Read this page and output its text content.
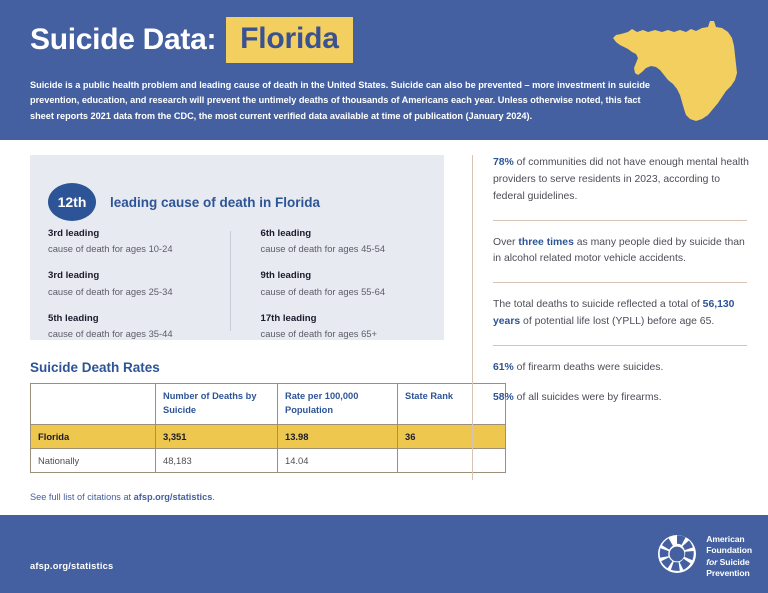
Suicide Data: Florida
Suicide is a public health problem and leading cause of death in the United States. Suicide can also be prevented – more investment in suicide prevention, education, and research will prevent the untimely deaths of thousands of Americans each year. Unless otherwise noted, this fact sheet reports 2021 data from the CDC, the most current verified data available at time of publication (January 2024).
12th	leading cause of death in Florida
3rd leading
cause of death for ages 10-24
3rd leading
cause of death for ages 25-34
5th leading
cause of death for ages 35-44
6th leading
cause of death for ages 45-54
9th leading
cause of death for ages 55-64
17th leading
cause of death for ages 65+
Suicide Death Rates
	Number of Deaths by Suicide	Rate per 100,000 Population	State Rank
Florida	3,351	13.98	36
Nationally	48,183	14.04	
See full list of citations at afsp.org/statistics.
78% of communities did not have enough mental health providers to serve residents in 2023, according to federal guidelines.
Over three times as many people died by suicide than in alcohol related motor vehicle accidents.
The total deaths to suicide reflected a total of 56,130 years of potential life lost (YPLL) before age 65.
61% of firearm deaths were suicides.
58% of all suicides were by firearms.
afsp.org/statistics
American
Foundation
for Suicide
Prevention
